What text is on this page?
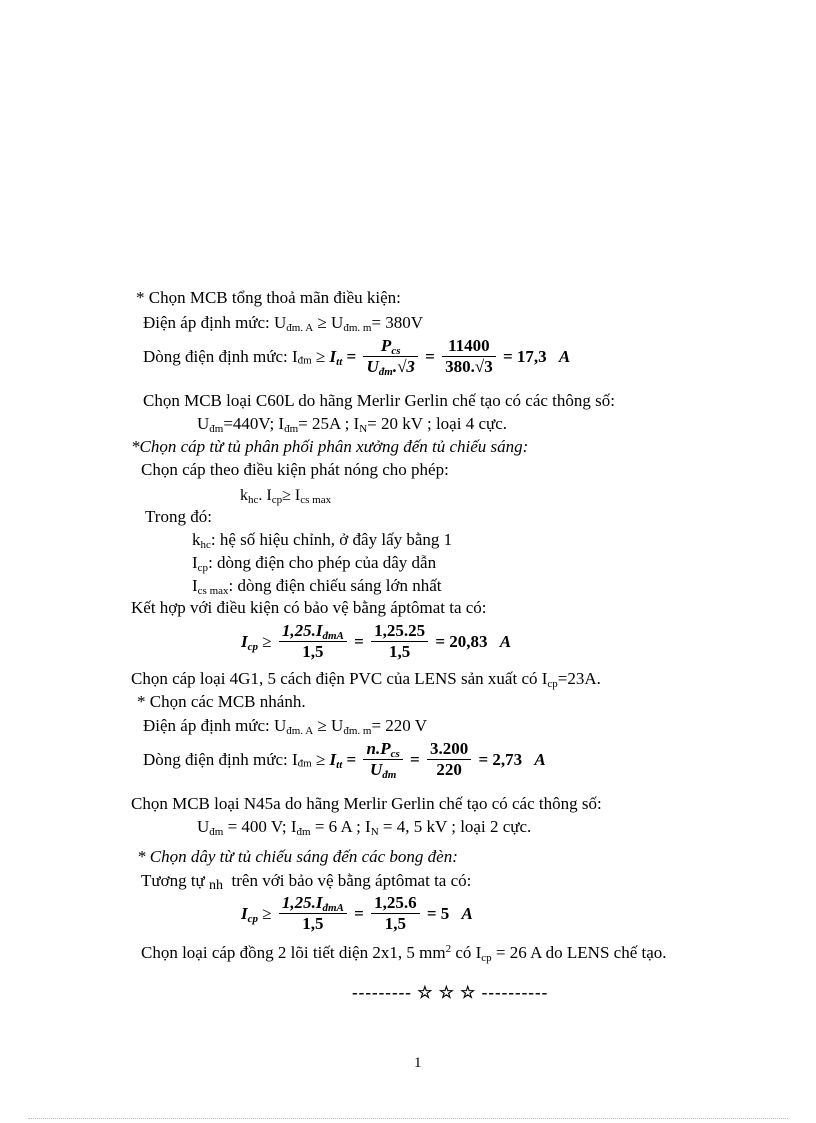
* Chọn MCB tổng thoả mãn điều kiện:
Điện áp định mức: $U_{đm. A} \ge U_{đm. m}= 380V$
Dòng điện định mức: $I_{đm} \ge I_{tt} = \frac{P_{cs}}{U_{đm}.√3} = \frac{11400}{380.√3} = 17,3$ A
Chọn MCB loại C60L do hãng Merlir Gerlin chế tạo có các thông số:
$U_{đm}=440V$; $I_{đm}= 25A$ ; $I_N= 20$ kV ; loại 4 cực.
*Chọn cáp từ tủ phân phối phân xưởng đến tủ chiếu sáng:
Chọn cáp theo điều kiện phát nóng cho phép:
$k_{hc}$. $I_{cp}\ge I_{cs max}$
Trong đó:
$k_{hc}$: hệ số hiệu chỉnh, ở đây lấy bằng 1
$I_{cp}$: dòng điện cho phép của dây dẫn
$I_{cs max}$: dòng điện chiếu sáng lớn nhất
Kết hợp với điều kiện có bảo vệ bằng áptômat ta có:
$I_{cp} \ge \frac{1,25.I_{đmA}}{1,5} = \frac{1,25.25}{1,5} = 20,83$ A
Chọn cáp loại 4G1, 5 cách điện PVC của LENS sản xuất có $I_{cp}=23A$.
* Chọn các MCB nhánh.
Điện áp định mức: $U_{đm. A} \ge U_{đm. m}= 220$ V
Dòng điện định mức: $I_{đm} \ge I_{tt} = \frac{n.P_{cs}}{U_{đm}} = \frac{3.200}{220} = 2,73$ A
Chọn MCB loại N45a do hãng Merlir Gerlin chế tạo có các thông số:
$U_{đm} = 400$ V; $I_{đm} = 6$ A ; $I_N = 4$, 5 kV ; loại 2 cực.
* Chọn dây từ tủ chiếu sáng đến các bong đèn:
Tương tự nh trên với bảo vệ bằng áptômat ta có:
$I_{cp} \ge \frac{1,25.I_{đmA}}{1,5} = \frac{1,25.6}{1,5} = 5$ A
Chọn loại cáp đồng 2 lõi tiết diện 2x1, 5 $mm^2$ có $I_{cp} = 26$ A do LENS chế tạo.
--------- ☆ ☆ ☆ ----------
1
